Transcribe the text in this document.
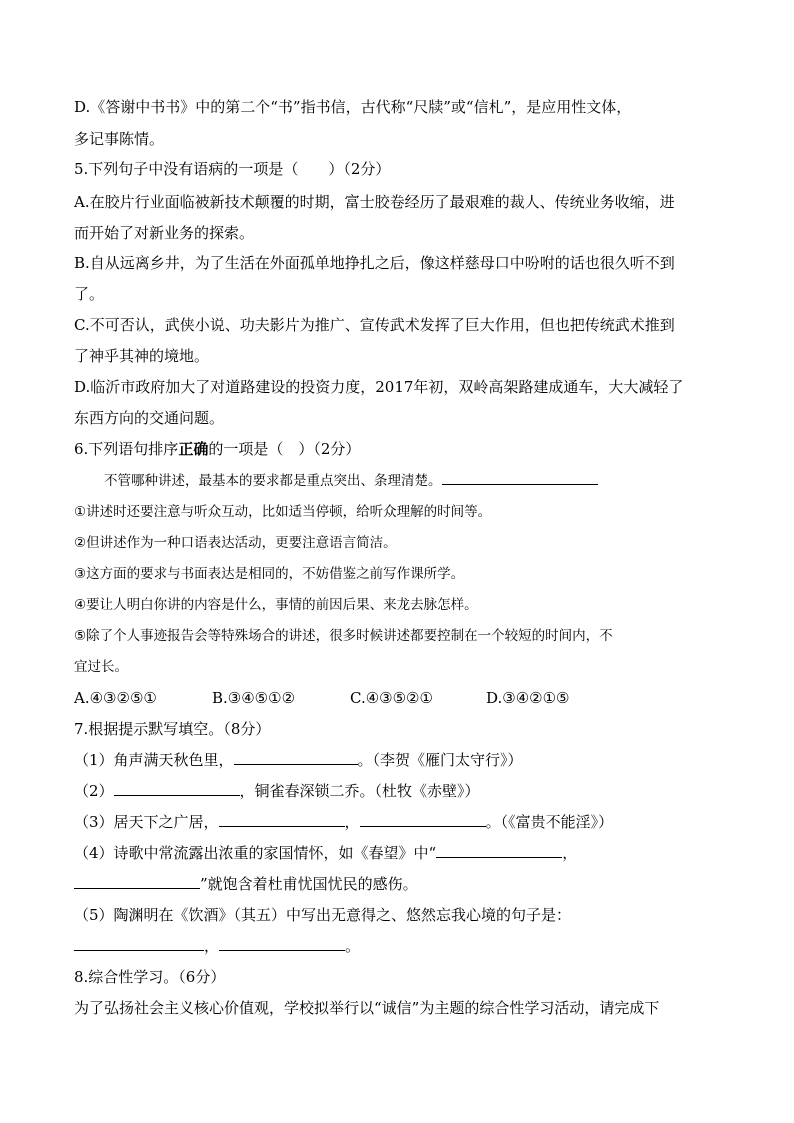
D.《答谢中书书》中的第二个“书”指书信，古代称“尺牍”或“信札”，是应用性文体，
多记事陈情。
5.下列句子中没有语病的一项是（　　）（2分）
A.在胶片行业面临被新技术颠覆的时期，富士胶卷经历了最艰难的裁人、传统业务收缩，进
而开始了对新业务的探索。
B.自从远离乡井，为了生活在外面孤单地挣扎之后，像这样慈母口中吩咐的话也很久听不到
了。
C.不可否认，武侠小说、功夫影片为推广、宣传武术发挥了巨大作用，但也把传统武术推到
了神乎其神的境地。
D.临沂市政府加大了对道路建设的投资力度，2017年初，双岭高架路建成通车，大大减轻了
东西方向的交通问题。
6.下列语句排序正确的一项是（　）（2分）
不管哪种讲述，最基本的要求都是重点突出、条理清楚。
①讲述时还要注意与听众互动，比如适当停顿，给听众理解的时间等。
②但讲述作为一种口语表达活动，更要注意语言简洁。
③这方面的要求与书面表达是相同的，不妨借鉴之前写作课所学。
④要让人明白你讲的内容是什么，事情的前因后果、来龙去脉怎样。
⑤除了个人事迹报告会等特殊场合的讲述，很多时候讲述都要控制在一个较短的时间内，不
宜过长。
A.④③②⑤①	B.③④⑤①②	C.④③⑤②①	D.③④②①⑤
7.根据提示默写填空。（8分）
（1）角声满天秋色里，	。（李贺《雁门太守行》）
（2）	，铜雀春深锁二乔。（杜牧《赤壁》）
（3）居天下之广居，	，	。（《富贵不能淫》）
（4）诗歌中常流露出浓重的家国情怀，如《春望》中“	，
”就饱含着杜甫忧国忧民的感伤。
（5）陶渊明在《饮酒》（其五）中写出无意得之、悠然忘我心境的句子是：
，	。
8.综合性学习。（6分）
为了弘扬社会主义核心价值观，学校拟举行以“诚信”为主题的综合性学习活动，请完成下
